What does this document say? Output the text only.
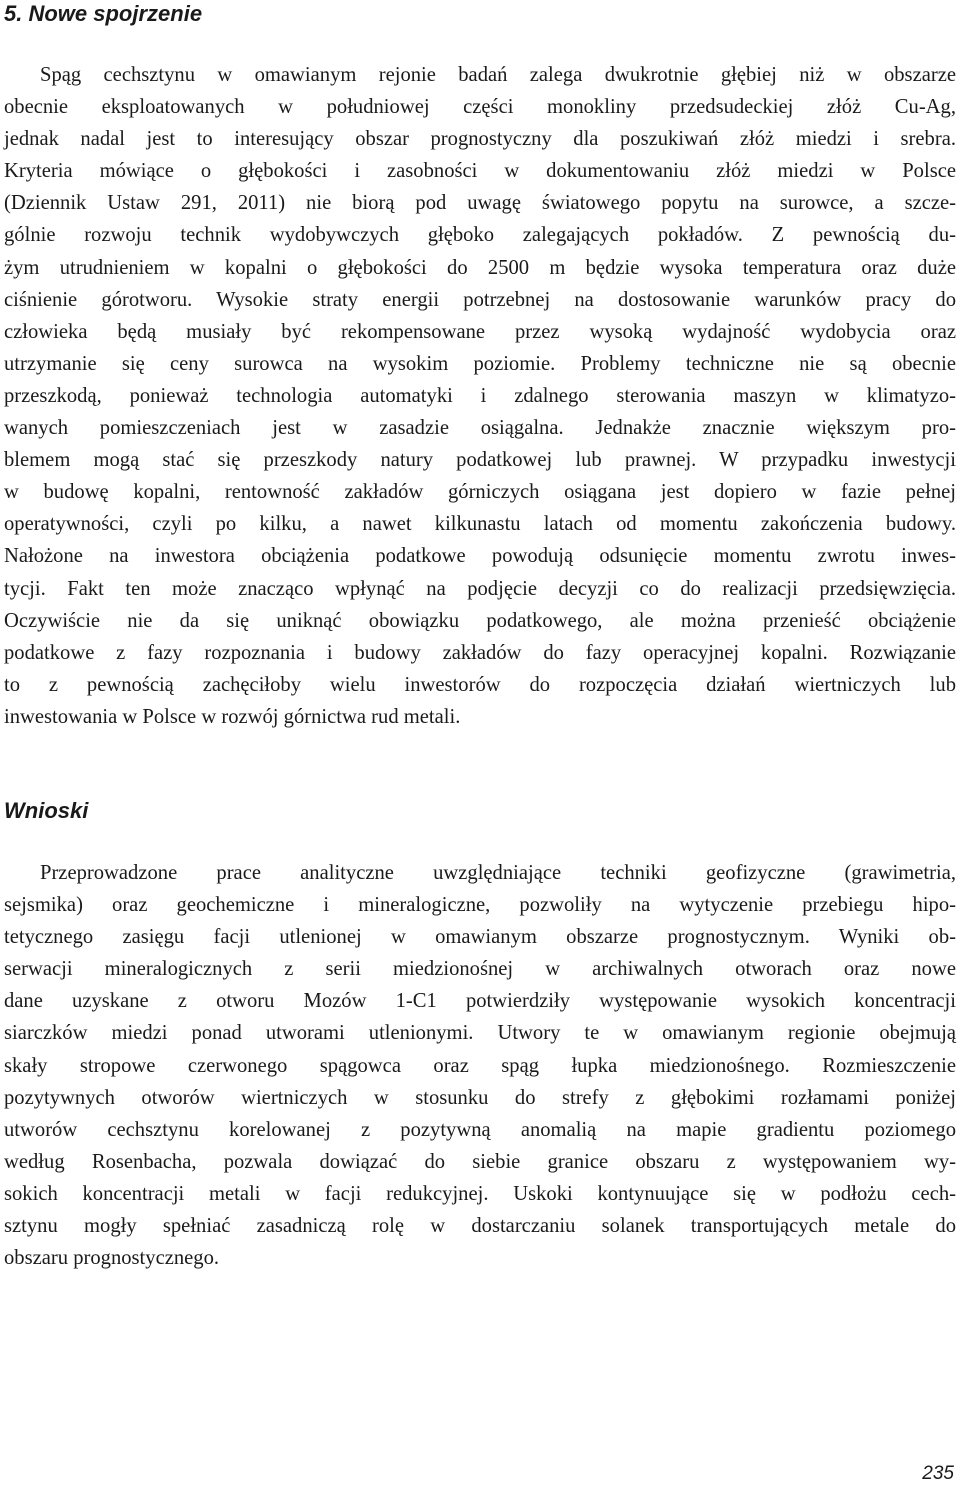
5. Nowe spojrzenie
Spąg cechsztynu w omawianym rejonie badań zalega dwukrotnie głębiej niż w obszarze
obecnie eksploatowanych w południowej części monokliny przedsudeckiej złóż Cu-Ag,
jednak nadal jest to interesujący obszar prognostyczny dla poszukiwań złóż miedzi i srebra.
Kryteria mówiące o głębokości i zasobności w dokumentowaniu złóż miedzi w Polsce
(Dziennik Ustaw 291, 2011) nie biorą pod uwagę światowego popytu na surowce, a szcze-
gólnie rozwoju technik wydobywczych głęboko zalegających pokładów. Z pewnością du-
żym utrudnieniem w kopalni o głębokości do 2500 m będzie wysoka temperatura oraz duże
ciśnienie górotworu. Wysokie straty energii potrzebnej na dostosowanie warunków pracy do
człowieka będą musiały być rekompensowane przez wysoką wydajność wydobycia oraz
utrzymanie się ceny surowca na wysokim poziomie. Problemy techniczne nie są obecnie
przeszkodą, ponieważ technologia automatyki i zdalnego sterowania maszyn w klimatyzo-
wanych pomieszczeniach jest w zasadzie osiągalna. Jednakże znacznie większym pro-
blemem mogą stać się przeszkody natury podatkowej lub prawnej. W przypadku inwestycji
w budowę kopalni, rentowność zakładów górniczych osiągana jest dopiero w fazie pełnej
operatywności, czyli po kilku, a nawet kilkunastu latach od momentu zakończenia budowy.
Nałożone na inwestora obciążenia podatkowe powodują odsunięcie momentu zwrotu inwes-
tycji. Fakt ten może znacząco wpłynąć na podjęcie decyzji co do realizacji przedsięwzięcia.
Oczywiście nie da się uniknąć obowiązku podatkowego, ale można przenieść obciążenie
podatkowe z fazy rozpoznania i budowy zakładów do fazy operacyjnej kopalni. Rozwiązanie
to z pewnością zachęciłoby wielu inwestorów do rozpoczęcia działań wiertniczych lub
inwestowania w Polsce w rozwój górnictwa rud metali.
Wnioski
Przeprowadzone prace analityczne uwzględniające techniki geofizyczne (grawimetria,
sejsmika) oraz geochemiczne i mineralogiczne, pozwoliły na wytyczenie przebiegu hipo-
tetycznego zasięgu facji utlenionej w omawianym obszarze prognostycznym. Wyniki ob-
serwacji mineralogicznych z serii miedzionośnej w archiwalnych otworach oraz nowe
dane uzyskane z otworu Mozów 1-C1 potwierdziły występowanie wysokich koncentracji
siarczków miedzi ponad utworami utlenionymi. Utwory te w omawianym regionie obejmują
skały stropowe czerwonego spągowca oraz spąg łupka miedzionośnego. Rozmieszczenie
pozytywnych otworów wiertniczych w stosunku do strefy z głębokimi rozłamami poniżej
utworów cechsztynu korelowanej z pozytywną anomalią na mapie gradientu poziomego
według Rosenbacha, pozwala dowiązać do siebie granice obszaru z występowaniem wy-
sokich koncentracji metali w facji redukcyjnej. Uskoki kontynuujące się w podłożu cech-
sztynu mogły spełniać zasadniczą rolę w dostarczaniu solanek transportujących metale do
obszaru prognostycznego.

235
